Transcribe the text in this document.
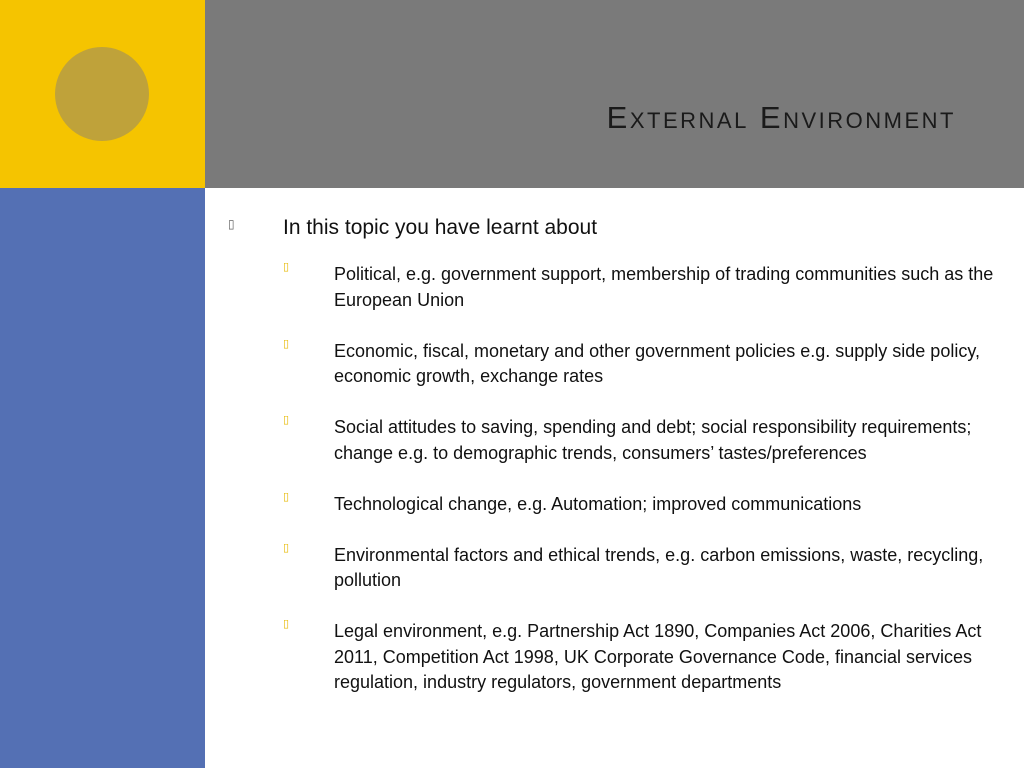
External Environment
▯ In this topic you have learnt about
▯ Political, e.g. government support, membership of trading communities such as the European Union
▯ Economic, fiscal, monetary and other government policies e.g. supply side policy, economic growth, exchange rates
▯ Social attitudes to saving, spending and debt; social responsibility requirements; change e.g. to demographic trends, consumers’ tastes/preferences
▯ Technological change, e.g. Automation; improved communications
▯ Environmental factors and ethical trends, e.g. carbon emissions, waste, recycling, pollution
▯ Legal environment, e.g. Partnership Act 1890, Companies Act 2006, Charities Act 2011, Competition Act 1998, UK Corporate Governance Code, financial services regulation, industry regulators, government departments
